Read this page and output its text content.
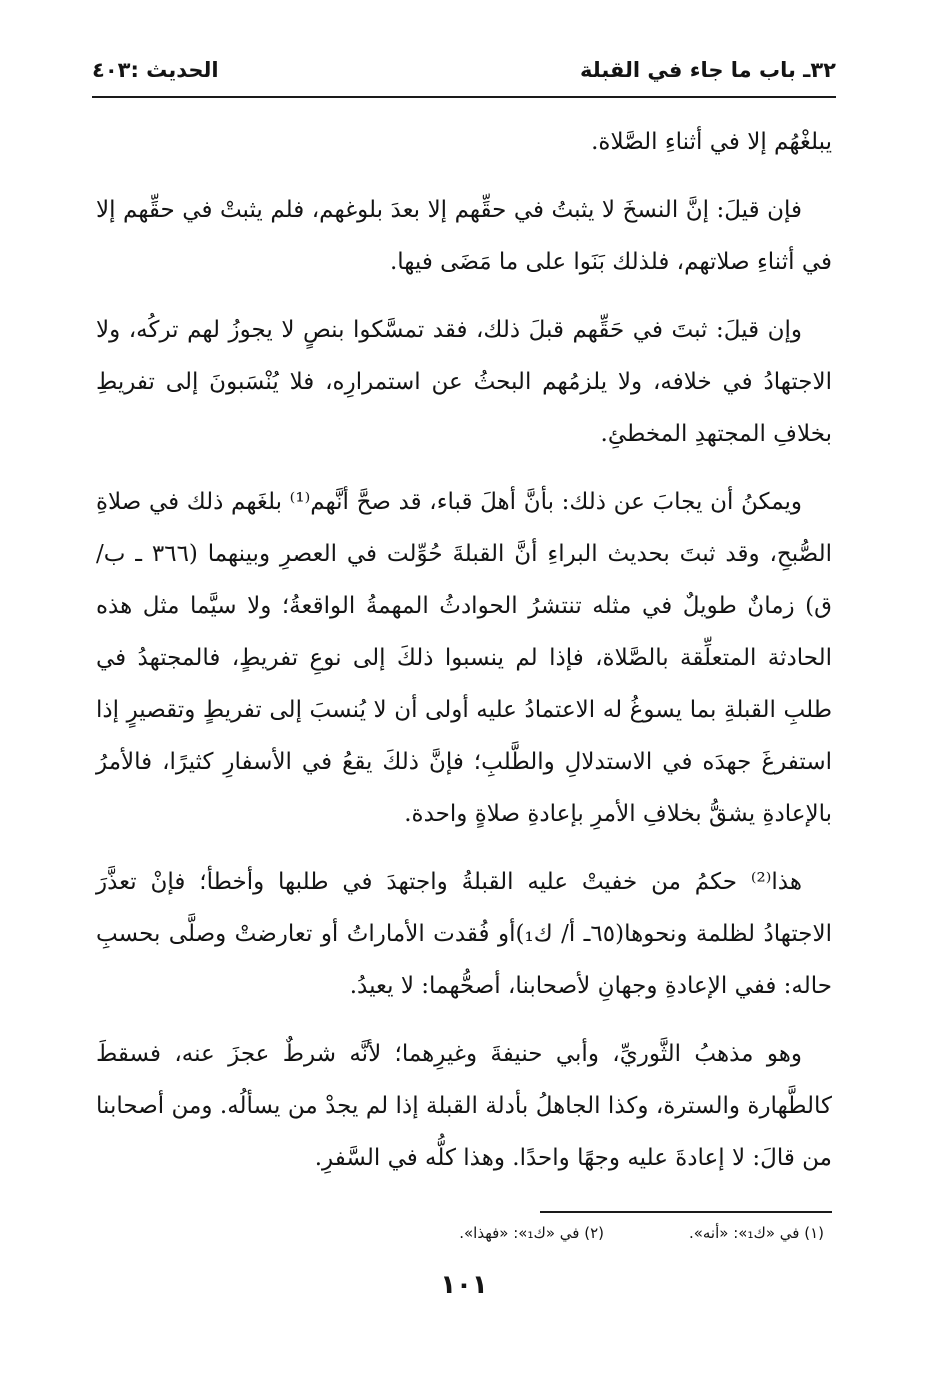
٣٢ـ باب ما جاء في القبلة
الحديث :٤٠٣

يبلغْهُم إلا في أثناءِ الصَّلاة.

فإن قيلَ: إنَّ النسخَ لا يثبتُ في حقِّهم إلا بعدَ بلوغهم، فلم يثبتْ في حقِّهم إلا في أثناءِ صلاتهم، فلذلك بَنَوا على ما مَضَى فيها.

وإن قيلَ: ثبتَ في حَقِّهم قبلَ ذلك، فقد تمسَّكوا بنصٍ لا يجوزُ لهم تركُه، ولا الاجتهادُ في خلافه، ولا يلزمُهم البحثُ عن استمرارِه، فلا يُنْسَبونَ إلى تفريطِ بخلافِ المجتهدِ المخطئِ.

ويمكنُ أن يجابَ عن ذلك: بأنَّ أهلَ قباء، قد صحَّ أنَّهم⁽¹⁾ بلغَهم ذلك في صلاةِ الصُّبحِ، وقد ثبتَ بحديث البراءِ أنَّ القبلةَ حُوِّلت في العصرِ وبينهما (٣٦٦ ـ ب/ ق) زمانٌ طويلٌ في مثله تنتشرُ الحوادثُ المهمةُ الواقعةُ؛ ولا سيَّما مثل هذه الحادثة المتعلِّقة بالصَّلاة، فإذا لم ينسبوا ذلكَ إلى نوعِ تفريطٍ، فالمجتهدُ في طلبِ القبلةِ بما يسوغُ له الاعتمادُ عليه أولى أن لا يُنسبَ إلى تفريطٍ وتقصيرٍ إذا استفرغَ جهدَه في الاستدلالِ والطَّلبِ؛ فإنَّ ذلكَ يقعُ في الأسفارِ كثيرًا، فالأمرُ بالإعادةِ يشقُّ بخلافِ الأمرِ بإعادةِ صلاةٍ واحدة.

هذا⁽²⁾ حكمُ من خفيتْ عليه القبلةُ واجتهدَ في طلبها وأخطأ؛ فإنْ تعذَّرَ الاجتهادُ لظلمة ونحوها(٦٥ـ أ/ ك₁)أو فُقدت الأماراتُ أو تعارضتْ وصلَّى بحسبِ حاله: ففي الإعادةِ وجهانِ لأصحابنا، أصحُّهما: لا يعيدُ.

وهو مذهبُ الثَّوريِّ، وأبي حنيفةَ وغيرِهما؛ لأنَّه شرطٌ عجزَ عنه، فسقطَ كالطَّهارة والسترة، وكذا الجاهلُ بأدلة القبلة إذا لم يجدْ من يسألُه. ومن أصحابنا من قالَ: لا إعادةَ عليه وجهًا واحدًا. وهذا كلُّه في السَّفرِ.

(١) في «ك₁»: «أنه».
(٢) في «ك₁»: «فهذا».
١٠١
